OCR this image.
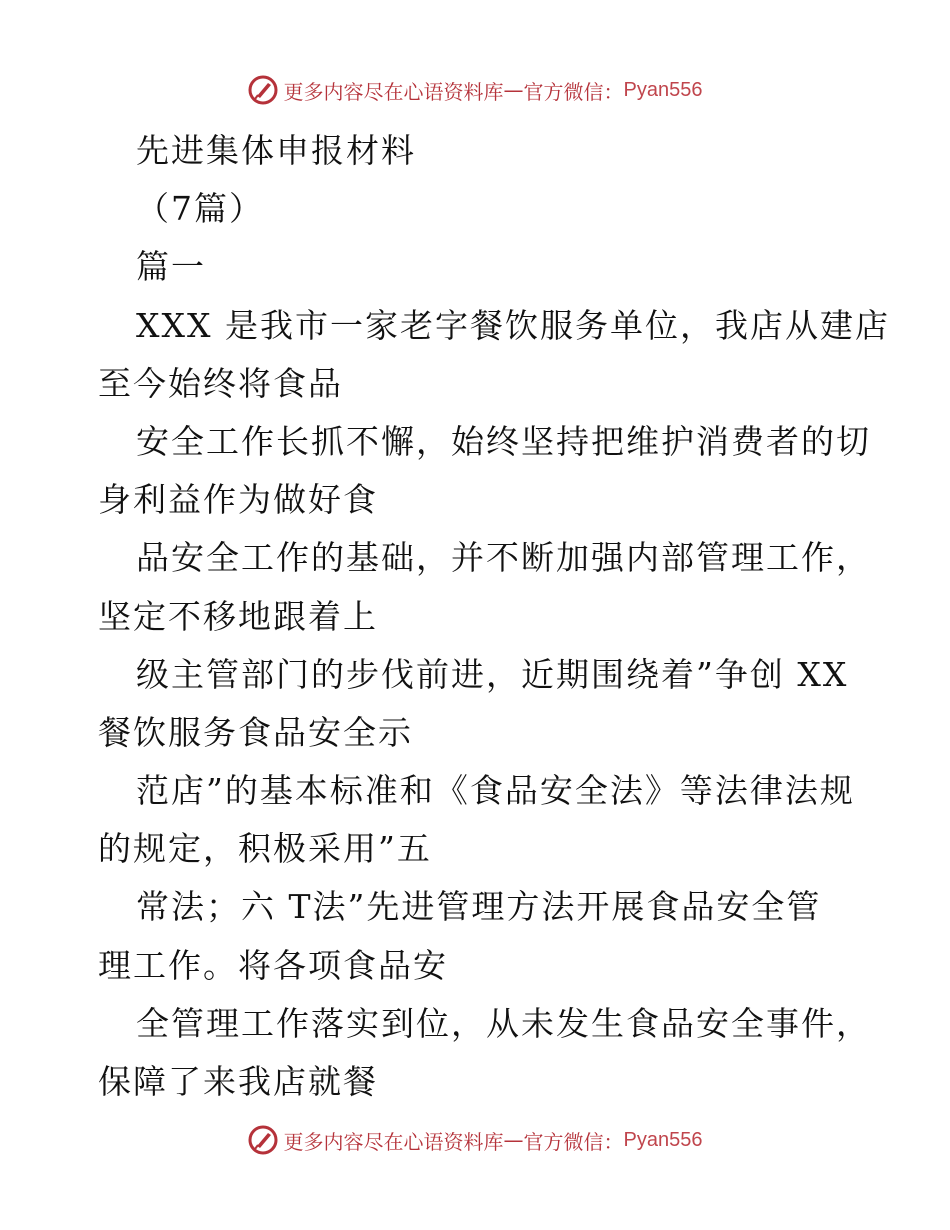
更多内容尽在心语资料库 — 官方微信： Pyan556
先进集体申报材料
（7篇）
篇一
XXX 是我市一家老字餐饮服务单位，我店从建店
至今始终将食品
安全工作长抓不懈，始终坚持把维护消费者的切
身利益作为做好食
品安全工作的基础，并不断加强内部管理工作，
坚定不移地跟着上
级主管部门的步伐前进，近期围绕着”争创 XX
餐饮服务食品安全示
范店”的基本标准和《食品安全法》等法律法规
的规定，积极采用”五
常法；六 T法”先进管理方法开展食品安全管
理工作。将各项食品安
全管理工作落实到位，从未发生食品安全事件，
保障了来我店就餐
更多内容尽在心语资料库 — 官方微信： Pyan556
